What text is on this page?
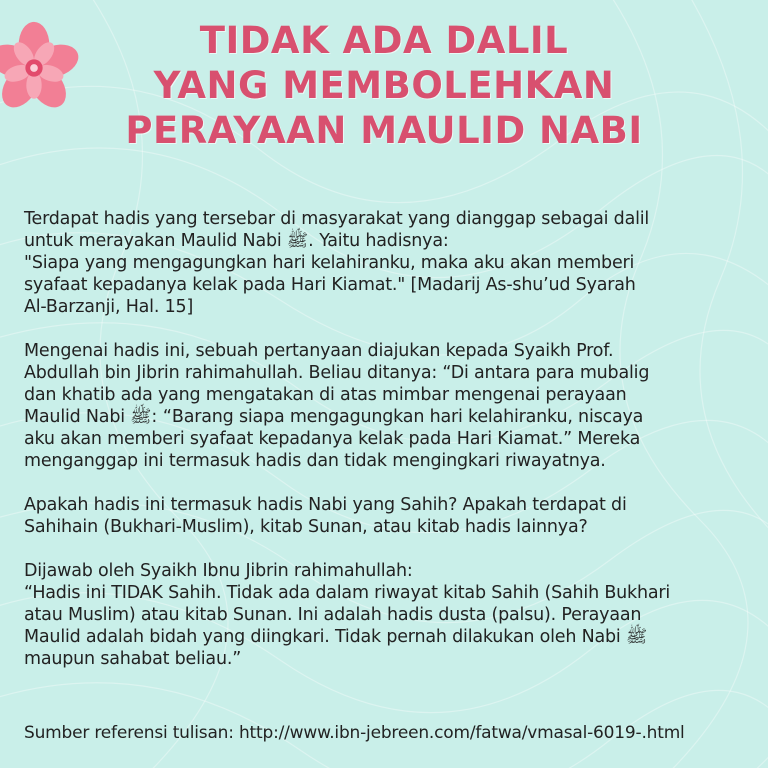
TIDAK ADA DALIL
YANG MEMBOLEHKAN
PERAYAAN MAULID NABI

Terdapat hadis yang tersebar di masyarakat yang dianggap sebagai dalil
untuk merayakan Maulid Nabi ﷺ. Yaitu hadisnya:
"Siapa yang mengagungkan hari kelahiranku, maka aku akan memberi
syafaat kepadanya kelak pada Hari Kiamat." [Madarij As-shu’ud Syarah
Al-Barzanji, Hal. 15]

Mengenai hadis ini, sebuah pertanyaan diajukan kepada Syaikh Prof.
Abdullah bin Jibrin rahimahullah. Beliau ditanya: “Di antara para mubalig
dan khatib ada yang mengatakan di atas mimbar mengenai perayaan
Maulid Nabi ﷺ: “Barang siapa mengagungkan hari kelahiranku, niscaya
aku akan memberi syafaat kepadanya kelak pada Hari Kiamat.” Mereka
menganggap ini termasuk hadis dan tidak mengingkari riwayatnya.

Apakah hadis ini termasuk hadis Nabi yang Sahih? Apakah terdapat di
Sahihain (Bukhari-Muslim), kitab Sunan, atau kitab hadis lainnya?

Dijawab oleh Syaikh Ibnu Jibrin rahimahullah:
“Hadis ini TIDAK Sahih. Tidak ada dalam riwayat kitab Sahih (Sahih Bukhari
atau Muslim) atau kitab Sunan. Ini adalah hadis dusta (palsu). Perayaan
Maulid adalah bidah yang diingkari. Tidak pernah dilakukan oleh Nabi ﷺ
maupun sahabat beliau.”

Sumber referensi tulisan: http://www.ibn-jebreen.com/fatwa/vmasal-6019-.html
